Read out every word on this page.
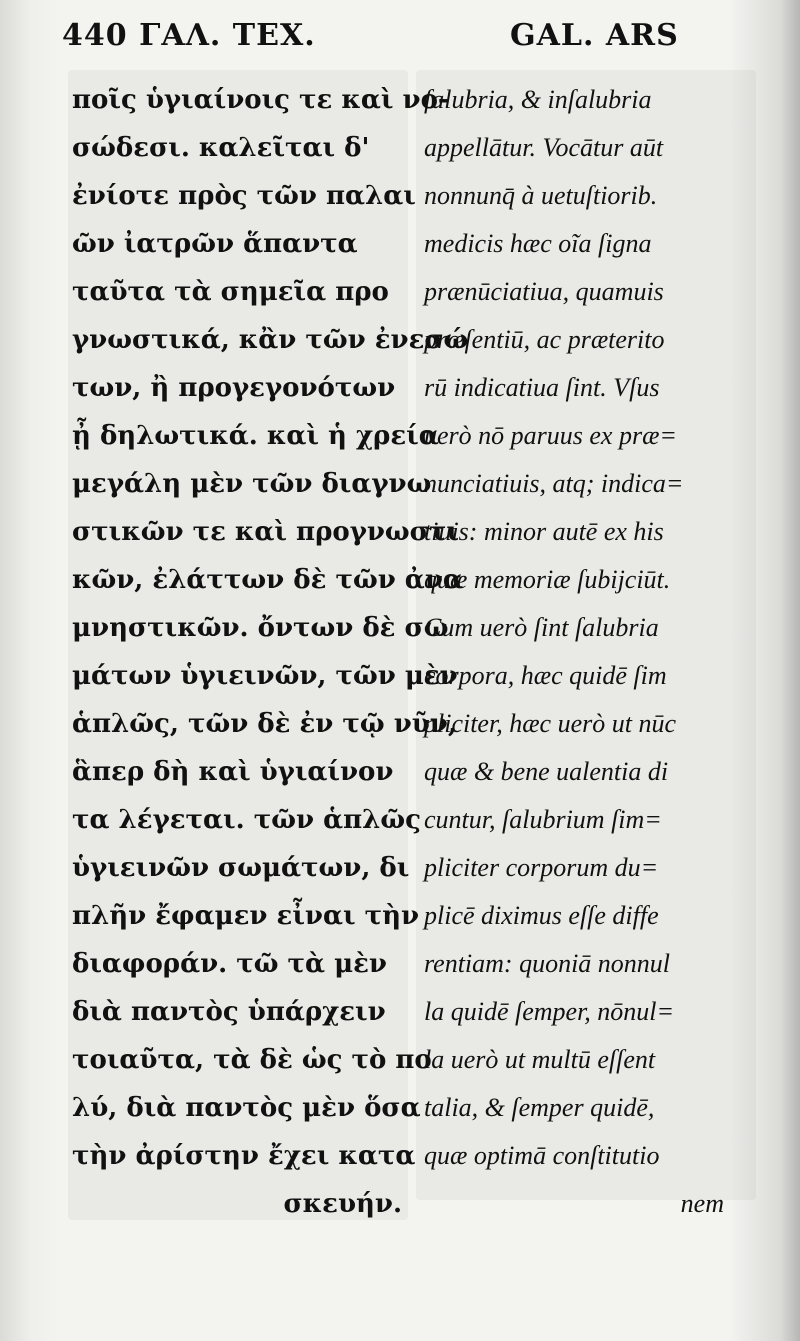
440 ΓΑΛ. ΤΕΧ.	GAL. ARS
ποῖς ὑγιαίνοις τε καὶ νο-
σώδεσι. καλεῖται δ'
ἐνίοτε πρὸς τῶν παλαι
ῶν ἰατρῶν ἅπαντα
ταῦτα τὰ σημεῖα προ
γνωστικά, κἂν τῶν ἐνεσώ
των, ἢ προγεγονότων
ᾖ δηλωτικά. καὶ ἡ χρεία
μεγάλη μὲν τῶν διαγνω
στικῶν τε καὶ προγνωστι
κῶν, ἐλάττων δὲ τῶν ἀνα
μνηστικῶν. ὄντων δὲ σω
μάτων ὑγιεινῶν, τῶν μὲν
ἁπλῶς, τῶν δὲ ἐν τῷ νῦν,
ἃπερ δὴ καὶ ὑγιαίνον
τα λέγεται. τῶν ἁπλῶς
ὑγιεινῶν σωμάτων, δι
πλῆν ἔφαμεν εἶναι τὴν
διαφοράν. τῶ τὰ μὲν
διὰ παντὸς ὑπάρχειν
τοιαῦτα, τὰ δὲ ὡς τὸ πο
λύ, διὰ παντὸς μὲν ὅσα
τὴν ἀρίστην ἔχει κατα
σκευήν.
ſalubria, & inſalubria
appellātur. Vocātur aūt
nonnunq̄ à uetuſtiorib.
medicis hæc oĩa ſigna
prænūciatiua, quamuis
præſentiū, ac præterito
rū indicatiua ſint. Vſus
uerò nō paruus ex præ=
nunciatiuis, atq; indica=
tiuis: minor autē ex his
quæ memoriæ ſubijciūt.
Cum uerò ſint ſalubria
corpora, hæc quidē ſim
pliciter, hæc uerò ut nūc
quæ & bene ualentia di
cuntur, ſalubrium ſim=
pliciter corporum du=
plicē diximus eſſe diffe
rentiam: quoniā nonnul
la quidē ſemper, nōnul=
la uerò ut multū eſſent
talia, & ſemper quidē,
quæ optimā conſtitutio
nem
